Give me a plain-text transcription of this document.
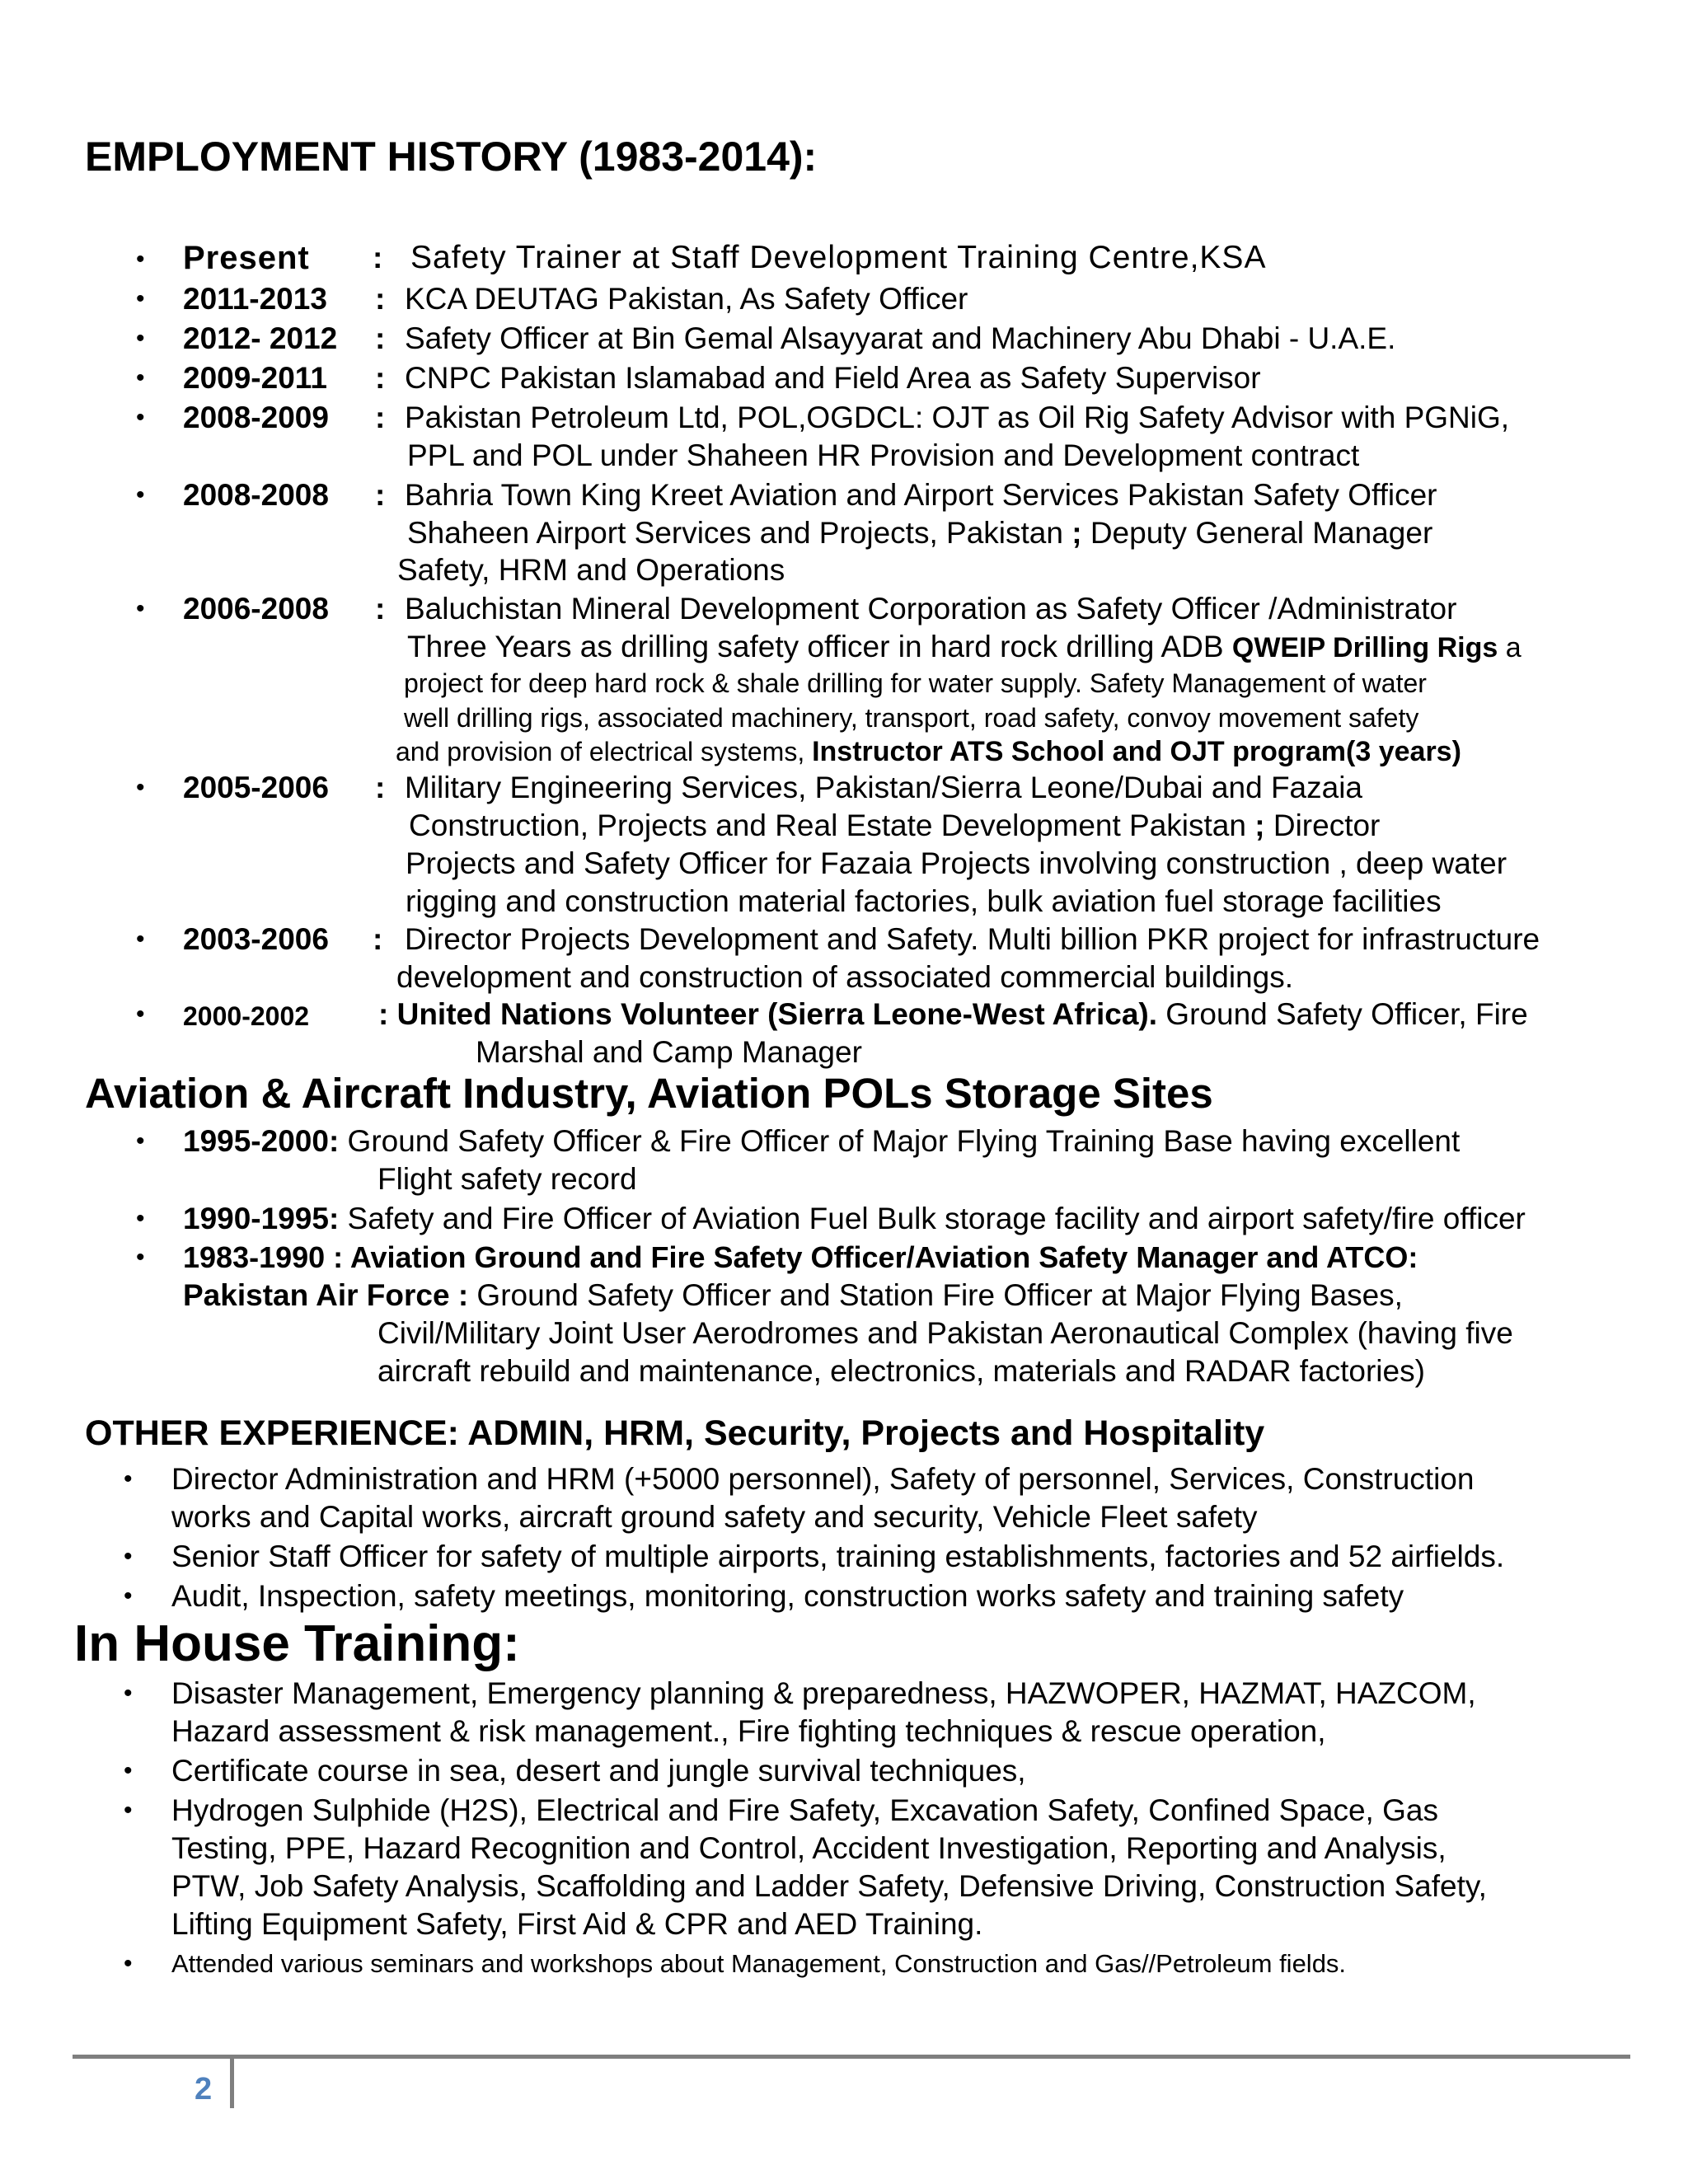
EMPLOYMENT HISTORY (1983-2014):
• Present : Safety Trainer at Staff Development Training Centre,KSA
• 2011-2013 : KCA DEUTAG Pakistan, As Safety Officer
• 2012- 2012 : Safety Officer at Bin Gemal Alsayyarat and Machinery Abu Dhabi - U.A.E.
• 2009-2011 : CNPC Pakistan Islamabad and Field Area as Safety Supervisor
• 2008-2009 : Pakistan Petroleum Ltd, POL,OGDCL: OJT as Oil Rig Safety Advisor with PGNiG,
PPL and POL under Shaheen HR Provision and Development contract
• 2008-2008 : Bahria Town King Kreet Aviation and Airport Services Pakistan Safety Officer
Shaheen Airport Services and Projects, Pakistan ; Deputy General Manager
Safety, HRM and Operations
• 2006-2008 : Baluchistan Mineral Development Corporation as Safety Officer /Administrator
Three Years as drilling safety officer in hard rock drilling ADB QWEIP Drilling Rigs a
project for deep hard rock & shale drilling for water supply. Safety Management of water
well drilling rigs, associated machinery, transport, road safety, convoy movement safety
and provision of electrical systems, Instructor ATS School and OJT program(3 years)
• 2005-2006 : Military Engineering Services, Pakistan/Sierra Leone/Dubai and Fazaia
Construction, Projects and Real Estate Development Pakistan ; Director
Projects and Safety Officer for Fazaia Projects involving construction , deep water
rigging and construction material factories, bulk aviation fuel storage facilities
• 2003-2006 : Director Projects Development and Safety. Multi billion PKR project for infrastructure
development and construction of associated commercial buildings.
• 2000-2002 : United Nations Volunteer (Sierra Leone-West Africa). Ground Safety Officer, Fire
Marshal and Camp Manager
Aviation & Aircraft Industry, Aviation POLs Storage Sites
• 1995-2000: Ground Safety Officer & Fire Officer of Major Flying Training Base having excellent
Flight safety record
• 1990-1995: Safety and Fire Officer of Aviation Fuel Bulk storage facility and airport safety/fire officer
• 1983-1990 : Aviation Ground and Fire Safety Officer/Aviation Safety Manager and ATCO:
Pakistan Air Force : Ground Safety Officer and Station Fire Officer at Major Flying Bases,
Civil/Military Joint User Aerodromes and Pakistan Aeronautical Complex (having five
aircraft rebuild and maintenance, electronics, materials and RADAR factories)
OTHER EXPERIENCE: ADMIN, HRM, Security, Projects and Hospitality
• Director Administration and HRM (+5000 personnel), Safety of personnel, Services, Construction
works and Capital works, aircraft ground safety and security, Vehicle Fleet safety
• Senior Staff Officer for safety of multiple airports, training establishments, factories and 52 airfields.
• Audit, Inspection, safety meetings, monitoring, construction works safety and training safety
In House Training:
• Disaster Management, Emergency planning & preparedness, HAZWOPER, HAZMAT, HAZCOM,
Hazard assessment & risk management., Fire fighting techniques & rescue operation,
• Certificate course in sea, desert and jungle survival techniques,
• Hydrogen Sulphide (H2S), Electrical and Fire Safety, Excavation Safety, Confined Space, Gas
Testing, PPE, Hazard Recognition and Control, Accident Investigation, Reporting and Analysis,
PTW, Job Safety Analysis, Scaffolding and Ladder Safety, Defensive Driving, Construction Safety,
Lifting Equipment Safety, First Aid & CPR and AED Training.
• Attended various seminars and workshops about Management, Construction and Gas//Petroleum fields.
2
